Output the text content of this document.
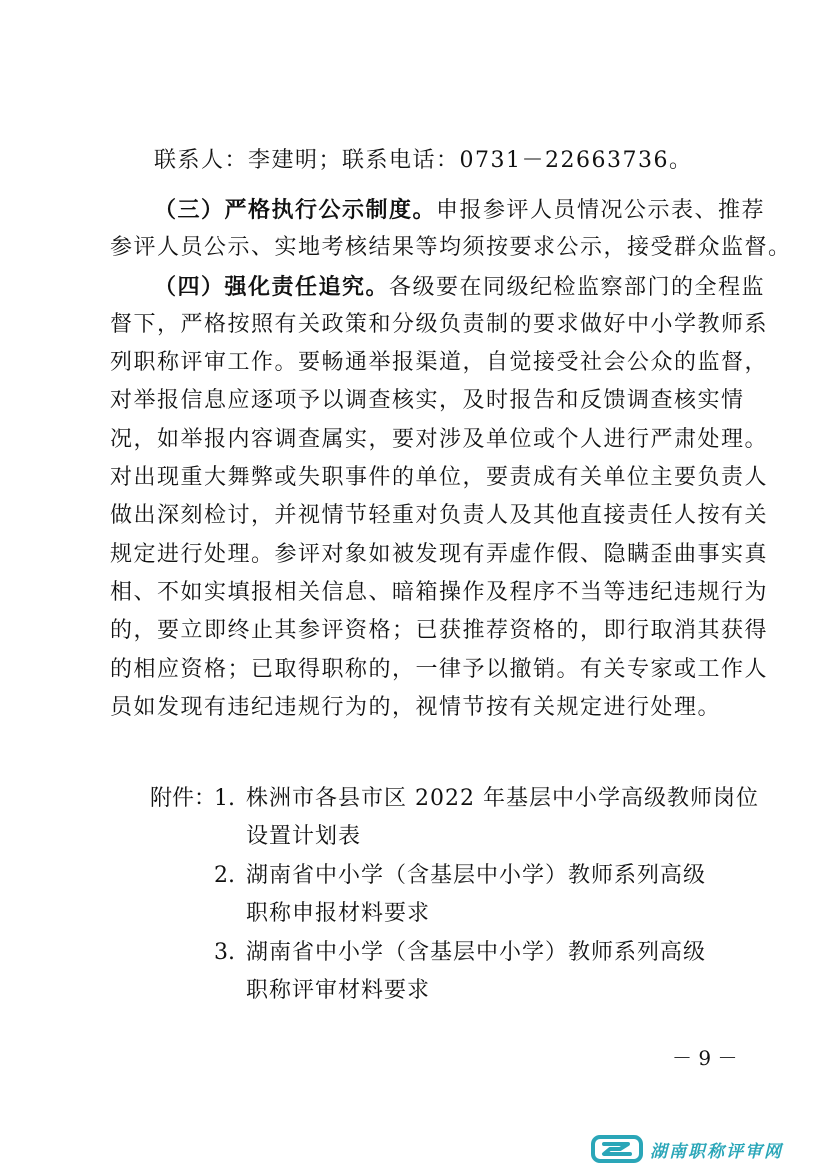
联系人：李建明；联系电话：0731－22663736。
（三）严格执行公示制度。申报参评人员情况公示表、推荐
参评人员公示、实地考核结果等均须按要求公示，接受群众监督。
（四）强化责任追究。各级要在同级纪检监察部门的全程监
督下，严格按照有关政策和分级负责制的要求做好中小学教师系
列职称评审工作。要畅通举报渠道，自觉接受社会公众的监督，
对举报信息应逐项予以调查核实，及时报告和反馈调查核实情
况，如举报内容调查属实，要对涉及单位或个人进行严肃处理。
对出现重大舞弊或失职事件的单位，要责成有关单位主要负责人
做出深刻检讨，并视情节轻重对负责人及其他直接责任人按有关
规定进行处理。参评对象如被发现有弄虚作假、隐瞒歪曲事实真
相、不如实填报相关信息、暗箱操作及程序不当等违纪违规行为
的，要立即终止其参评资格；已获推荐资格的，即行取消其获得
的相应资格；已取得职称的，一律予以撤销。有关专家或工作人
员如发现有违纪违规行为的，视情节按有关规定进行处理。
附件：
1. 株洲市各县市区 2022 年基层中小学高级教师岗位
设置计划表
2. 湖南省中小学（含基层中小学）教师系列高级
职称申报材料要求
3. 湖南省中小学（含基层中小学）教师系列高级
职称评审材料要求
－ 9 －
湖南职称评审网
